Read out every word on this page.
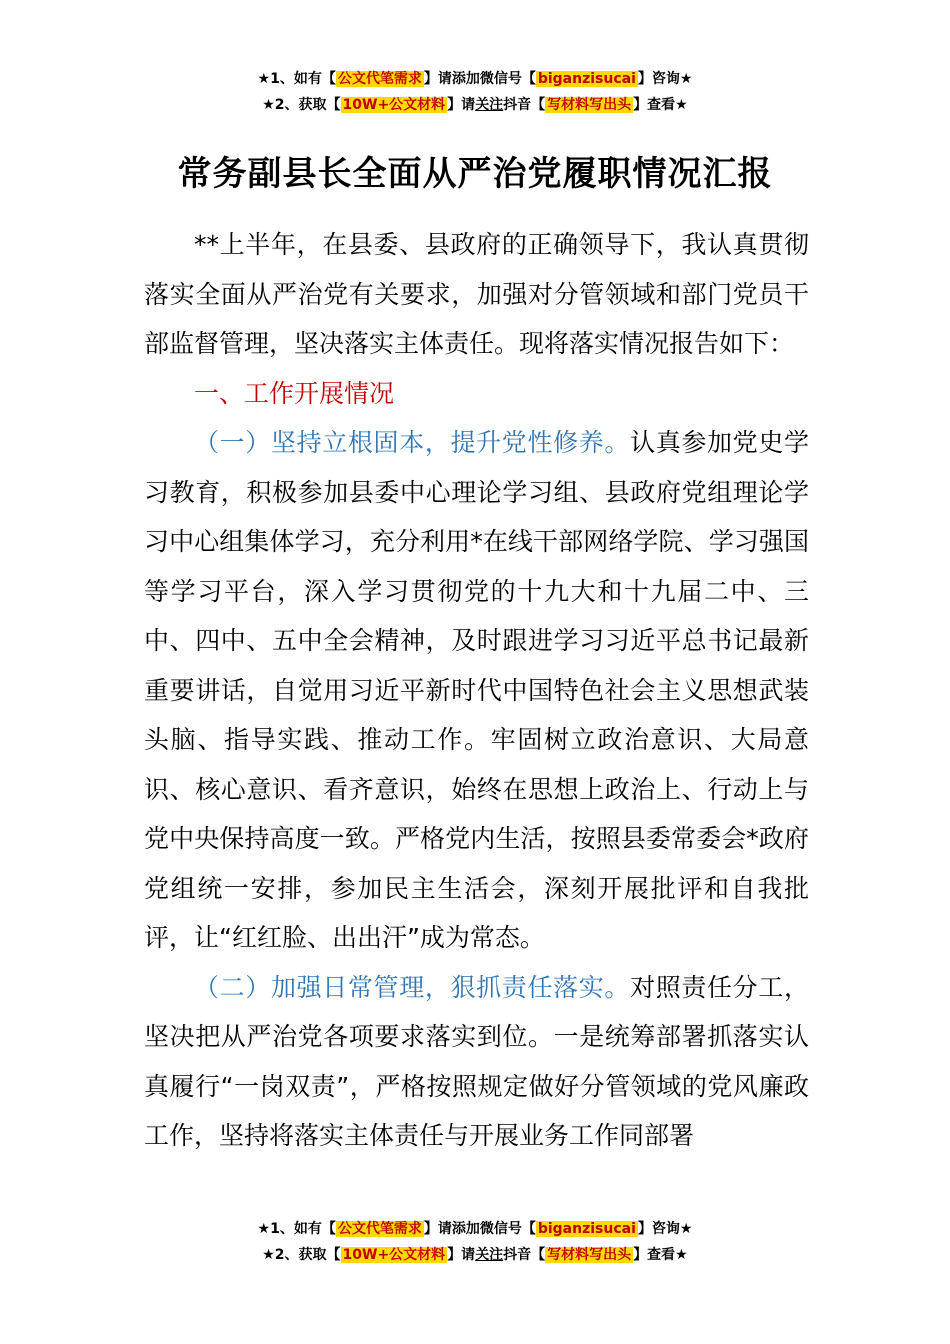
★1、如有【 公文代笔需求 】请添加微信号【 biganzisucai 】咨询★
★2、获取【 10W+公文材料 】请关注抖音【 写材料写出头 】查看★
常务副县长全面从严治党履职情况汇报

**上半年，在县委、县政府的正确领导下，我认真贯彻落实全面从严治党有关要求，加强对分管领域和部门党员干部监督管理，坚决落实主体责任。现将落实情况报告如下：

一、工作开展情况

（一）坚持立根固本，提升党性修养。认真参加党史学习教育，积极参加县委中心理论学习组、县政府党组理论学习中心组集体学习，充分利用*在线干部网络学院、学习强国等学习平台，深入学习贯彻党的十九大和十九届二中、三中、四中、五中全会精神，及时跟进学习习近平总书记最新重要讲话，自觉用习近平新时代中国特色社会主义思想武装头脑、指导实践、推动工作。牢固树立政治意识、大局意识、核心意识、看齐意识，始终在思想上政治上、行动上与党中央保持高度一致。严格党内生活，按照县委常委会*政府党组统一安排，参加民主生活会，深刻开展批评和自我批评，让“红红脸、出出汗”成为常态。

（二）加强日常管理，狠抓责任落实。对照责任分工，坚决把从严治党各项要求落实到位。一是统筹部署抓落实认真履行“一岗双责”，严格按照规定做好分管领域的党风廉政工作，坚持将落实主体责任与开展业务工作同部署

★1、如有【 公文代笔需求 】请添加微信号【 biganzisucai 】咨询★
★2、获取【 10W+公文材料 】请关注抖音【 写材料写出头 】查看★
